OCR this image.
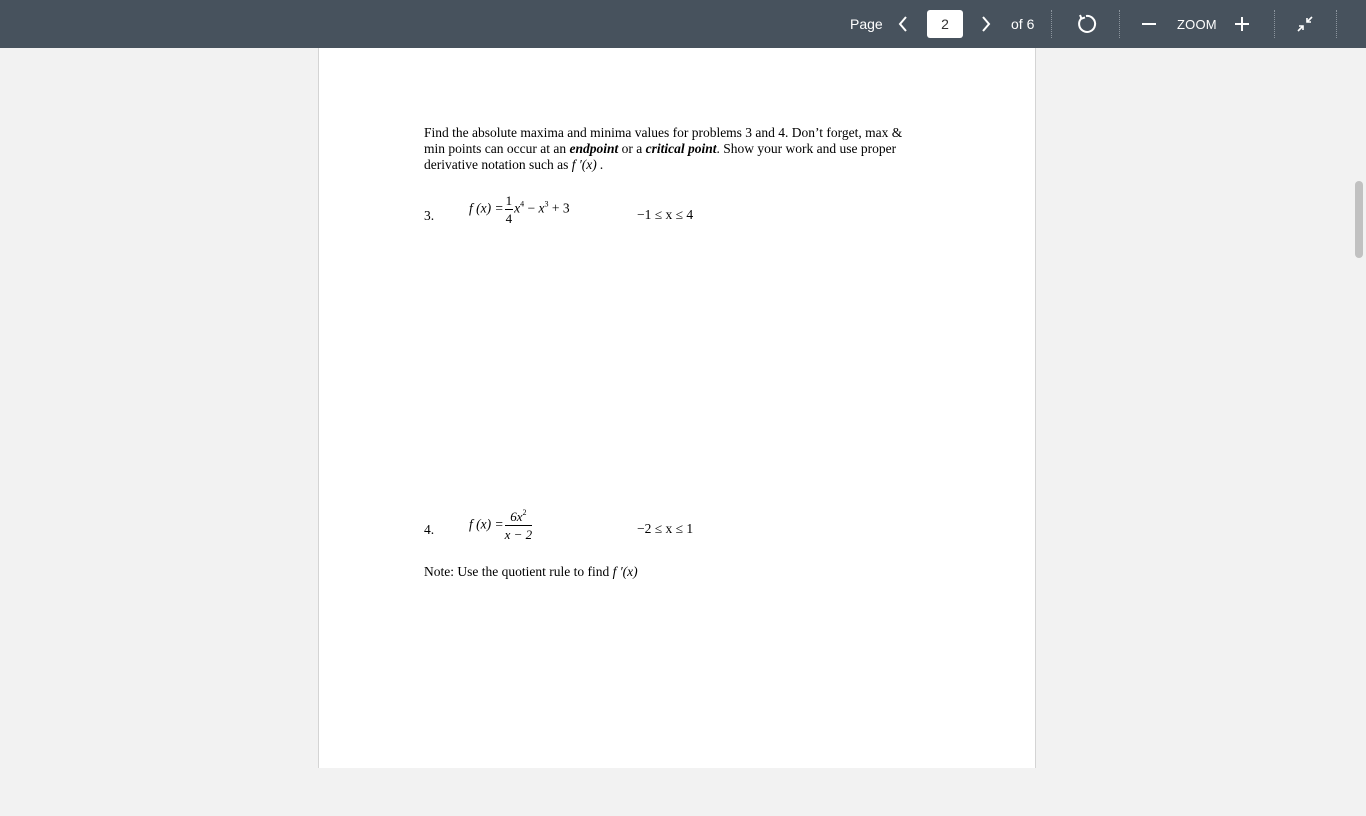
Page
2	of 6	ZOOM
Find the absolute maxima and minima values for problems 3 and 4. Don’t forget, max &
min points can occur at an endpoint or a critical point. Show your work and use proper
derivative notation such as f ′(x) .
3.	f $(x) = \frac{1}{4} x^4 - x^3 + 3$	−1 ≤ x ≤ 4
4.	f $(x) = \frac{6x^2}{x - 2}$	−2 ≤ x ≤ 1
Note: Use the quotient rule to find f ′(x)
